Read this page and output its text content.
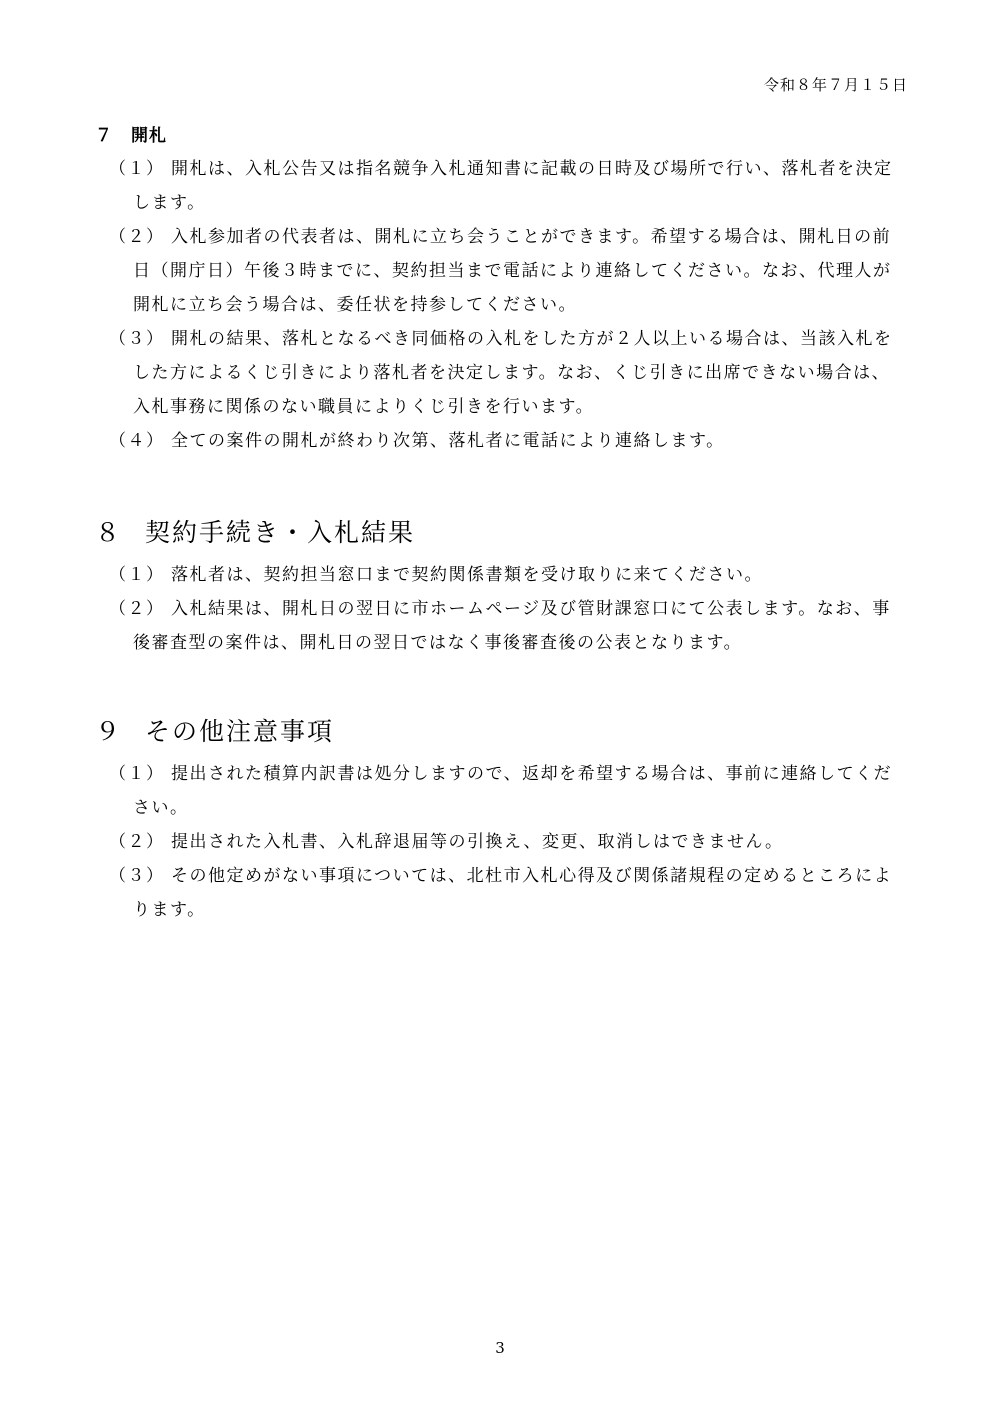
令和８年７月１５日
７ 開札
（１） 開札は、入札公告又は指名競争入札通知書に記載の日時及び場所で行い、落札者を決定します。
（２） 入札参加者の代表者は、開札に立ち会うことができます。希望する場合は、開札日の前日（開庁日）午後３時までに、契約担当まで電話により連絡してください。なお、代理人が開札に立ち会う場合は、委任状を持参してください。
（３） 開札の結果、落札となるべき同価格の入札をした方が２人以上いる場合は、当該入札をした方によるくじ引きにより落札者を決定します。なお、くじ引きに出席できない場合は、入札事務に関係のない職員によりくじ引きを行います。
（４） 全ての案件の開札が終わり次第、落札者に電話により連絡します。
８ 契約手続き・入札結果
（１） 落札者は、契約担当窓口まで契約関係書類を受け取りに来てください。
（２） 入札結果は、開札日の翌日に市ホームページ及び管財課窓口にて公表します。なお、事後審査型の案件は、開札日の翌日ではなく事後審査後の公表となります。
９ その他注意事項
（１） 提出された積算内訳書は処分しますので、返却を希望する場合は、事前に連絡してください。
（２） 提出された入札書、入札辞退届等の引換え、変更、取消しはできません。
（３） その他定めがない事項については、北杜市入札心得及び関係諸規程の定めるところによります。
3
